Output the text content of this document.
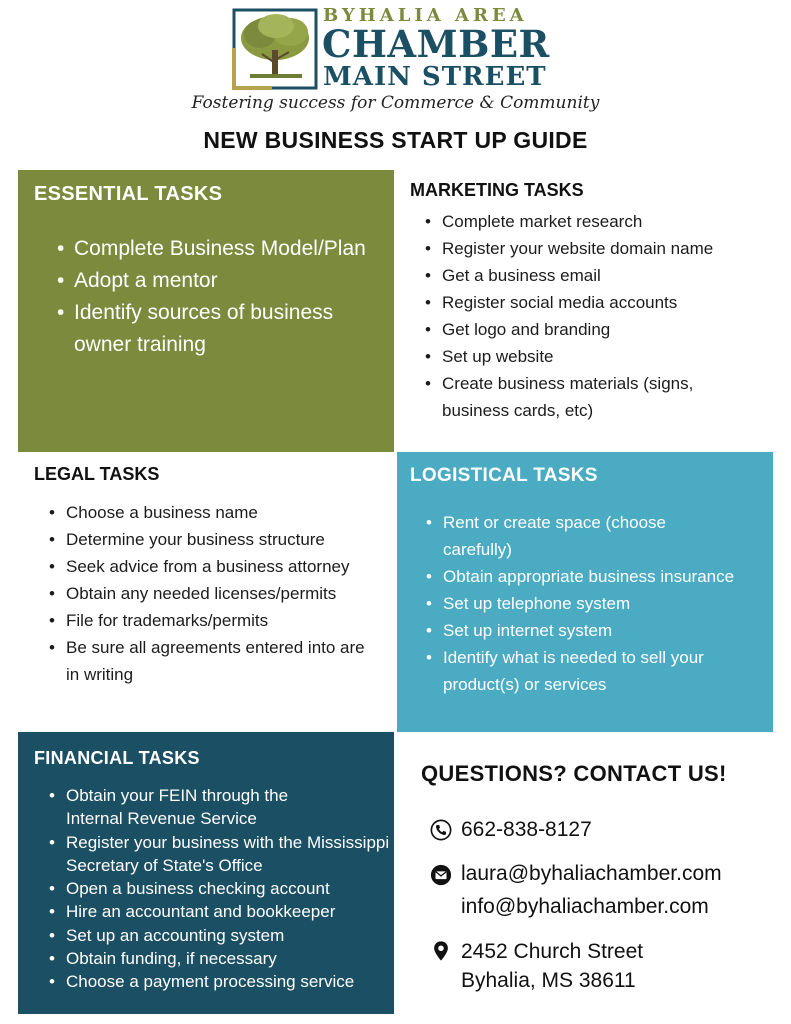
BYHALIA AREA
CHAMBER
MAIN STREET
Fostering success for Commerce & Community
NEW BUSINESS START UP GUIDE
ESSENTIAL TASKS
• Complete Business Model/Plan
• Adopt a mentor
• Identify sources of business owner training
MARKETING TASKS
• Complete market research
• Register your website domain name
• Get a business email
• Register social media accounts
• Get logo and branding
• Set up website
• Create business materials (signs, business cards, etc)
LEGAL TASKS
• Choose a business name
• Determine your business structure
• Seek advice from a business attorney
• Obtain any needed licenses/permits
• File for trademarks/permits
• Be sure all agreements entered into are in writing
LOGISTICAL TASKS
• Rent or create space (choose carefully)
• Obtain appropriate business insurance
• Set up telephone system
• Set up internet system
• Identify what is needed to sell your product(s) or services
FINANCIAL TASKS
• Obtain your FEIN through the Internal Revenue Service
• Register your business with the Mississippi Secretary of State's Office
• Open a business checking account
• Hire an accountant and bookkeeper
• Set up an accounting system
• Obtain funding, if necessary
• Choose a payment processing service
QUESTIONS? CONTACT US!
662-838-8127
laura@byhaliachamber.com
info@byhaliachamber.com
2452 Church Street
Byhalia, MS 38611
